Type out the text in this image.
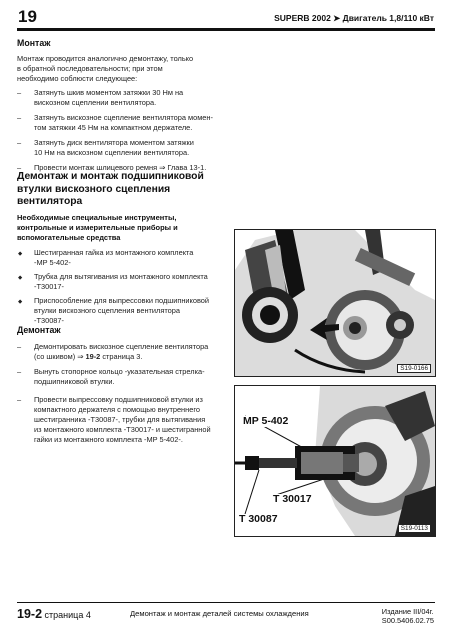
19	SUPERB 2002 ➤ Двигатель 1,8/110 кВт
Монтаж
Монтаж проводится аналогично демонтажу, только
в обратной последовательности; при этом
необходимо соблюсти следующее:
– Затянуть шкив моментом затяжки 30 Нм на
вискозном сцеплении вентилятора.
– Затянуть вискозное сцепление вентилятора момен-
том затяжки 45 Нм на компактном держателе.
– Затянуть диск вентилятора моментом затяжки
10 Нм на вискозном сцеплении вентилятора.
– Провести монтаж шлицевого ремня ⇒ Глава 13-1.
Демонтаж и монтаж подшипниковой
втулки вискозного сцепления
вентилятора
Необходимые специальные инструменты,
контрольные и измерительные приборы и
вспомогательные средства
◆ Шестигранная гайка из монтажного комплекта
-MP 5-402-
◆ Трубка для вытягивания из монтажного комплекта
-T30017-
◆ Приспособление для выпрессовки подшипниковой
втулки вискозного сцепления вентилятора
-T30087-
Демонтаж
– Демонтировать вискозное сцепление вентилятора
(со шкивом) ⇒ 19-2 страница 3.
– Вынуть стопорное кольцо -указательная стрелка-
подшипниковой втулки.
– Провести выпрессовку подшипниковой втулки из
компактного держателя с помощью внутреннего
шестигранника -T30087-, трубки для вытягивания
из монтажного комплекта -T30017- и шестигранной
гайки из монтажного комплекта -MP 5-402-.
S19-0166
MP 5-402
T 30017
T 30087
S19-0113
19-2 страница 4	Демонтаж и монтаж деталей системы охлаждения	Издание III/04г.
S00.5406.02.75
